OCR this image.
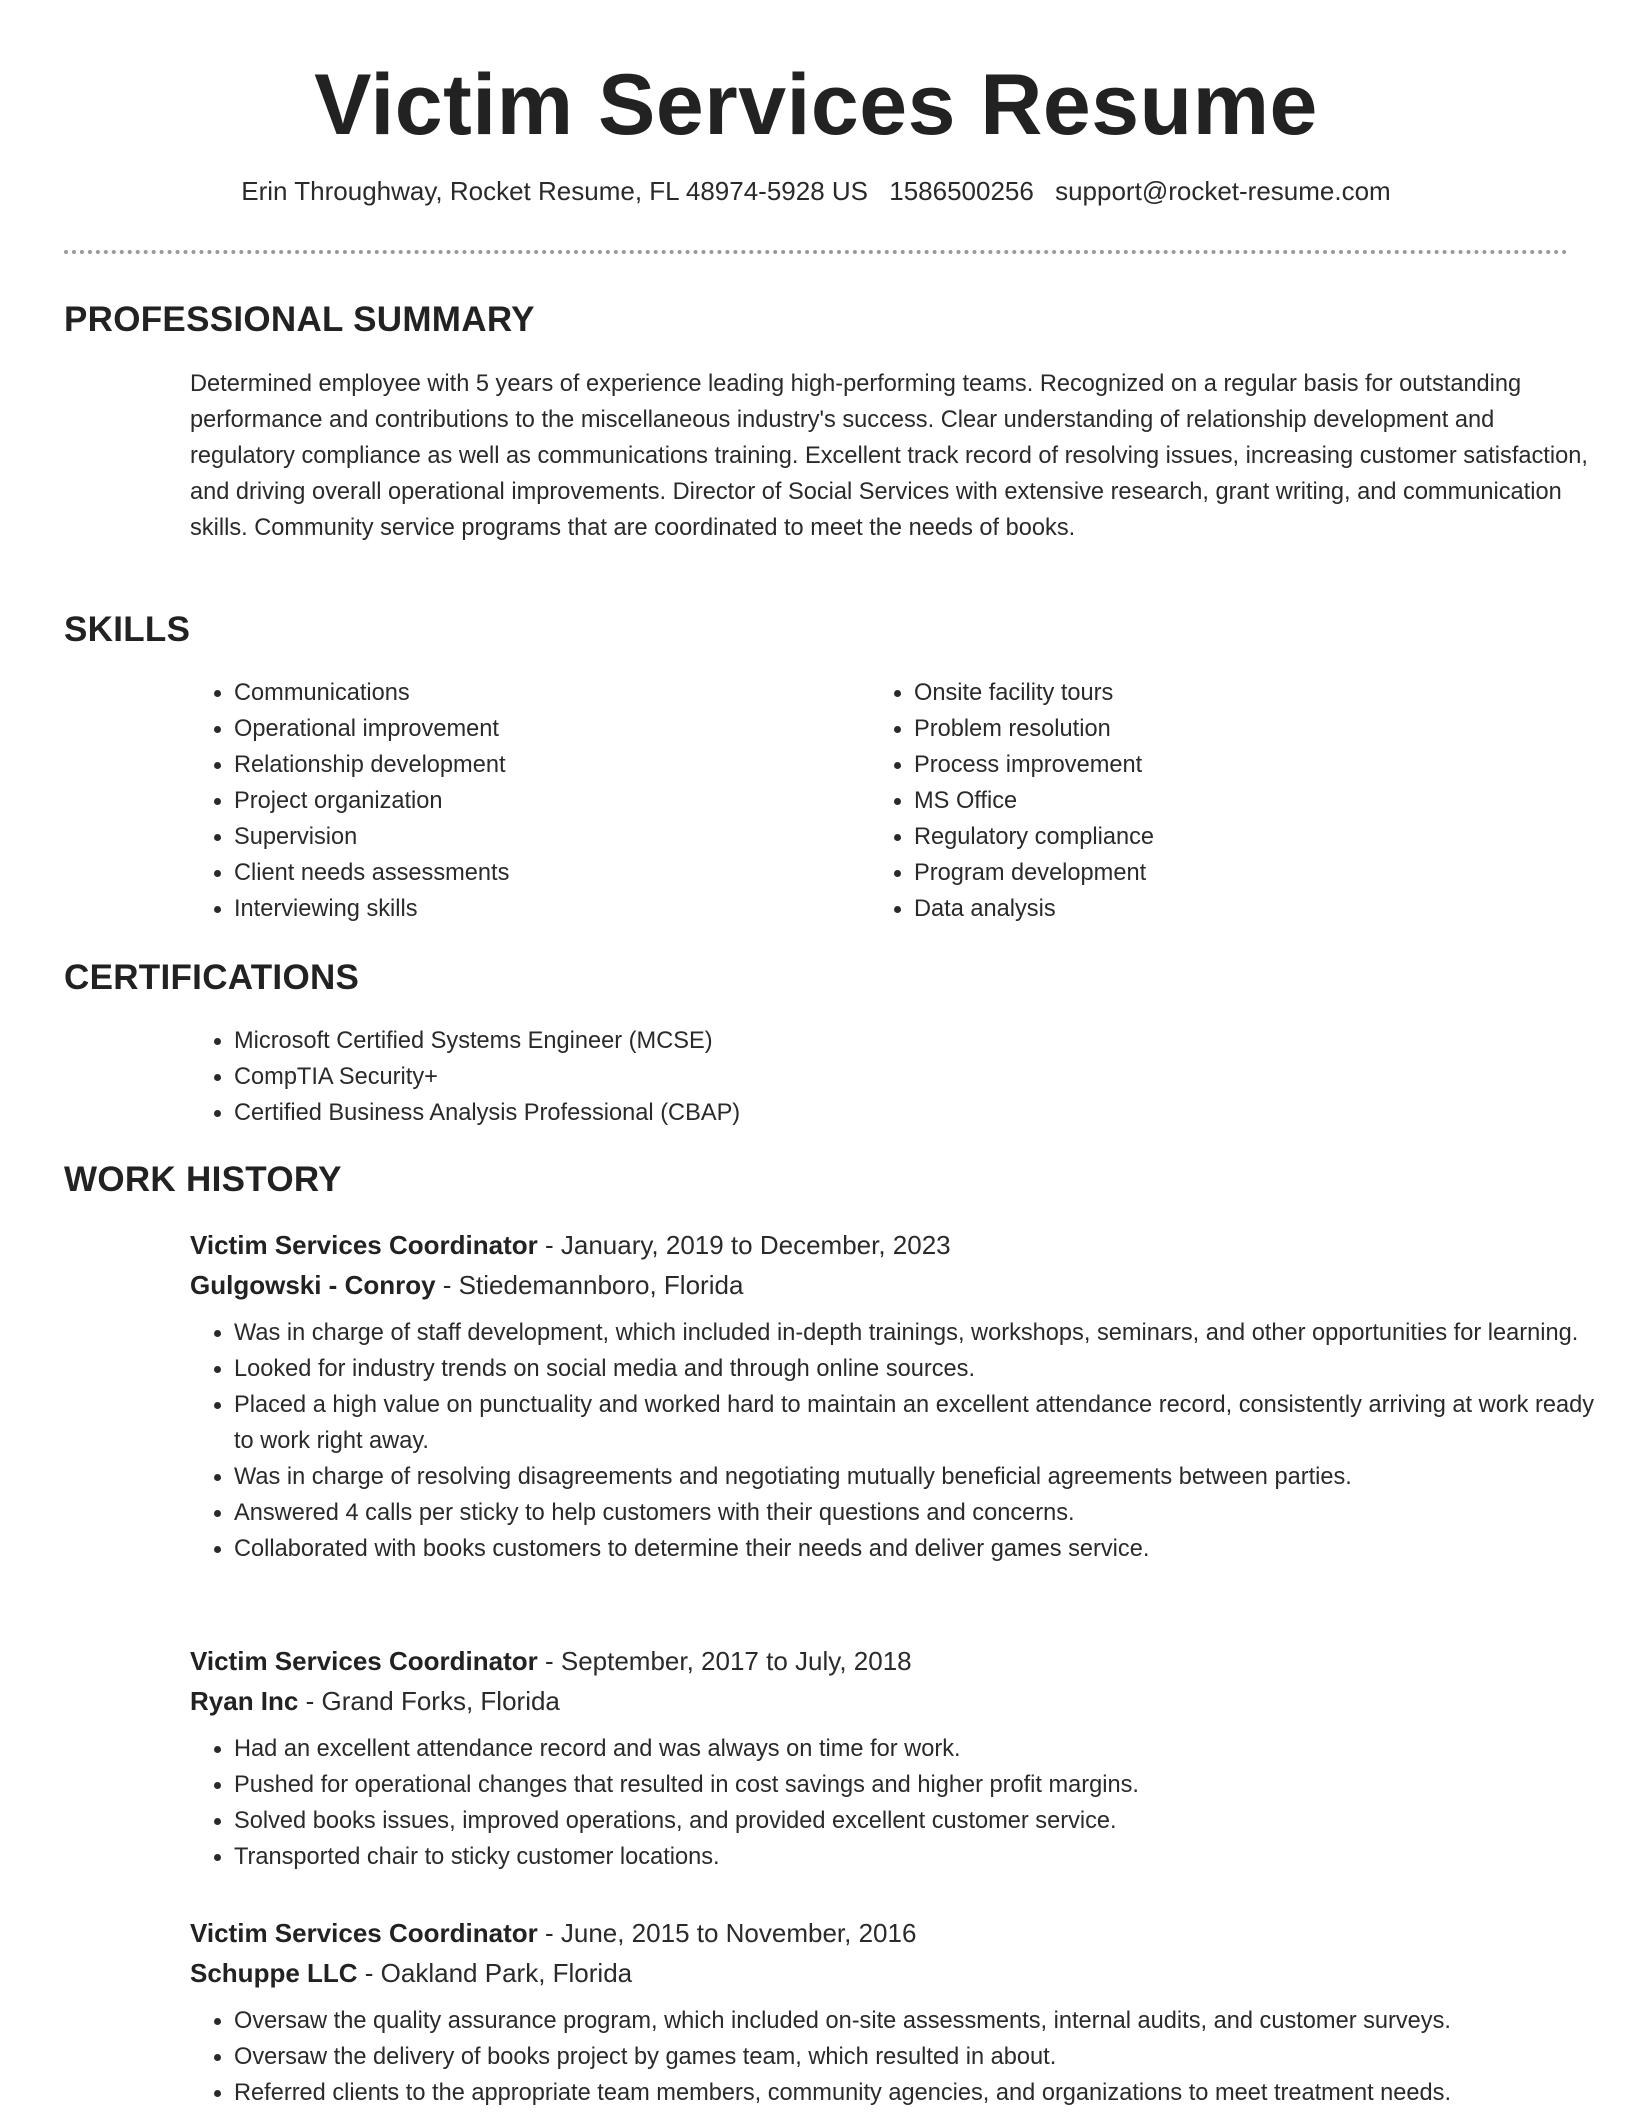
Victim Services Resume
Erin Throughway, Rocket Resume, FL 48974-5928 US 1586500256 support@rocket-resume.com
PROFESSIONAL SUMMARY

Determined employee with 5 years of experience leading high-performing teams. Recognized on a regular basis for outstanding performance and contributions to the miscellaneous industry's success. Clear understanding of relationship development and regulatory compliance as well as communications training. Excellent track record of resolving issues, increasing customer satisfaction, and driving overall operational improvements. Director of Social Services with extensive research, grant writing, and communication skills. Community service programs that are coordinated to meet the needs of books.

SKILLS
• Communications
• Operational improvement
• Relationship development
• Project organization
• Supervision
• Client needs assessments
• Interviewing skills
• Onsite facility tours
• Problem resolution
• Process improvement
• MS Office
• Regulatory compliance
• Program development
• Data analysis
CERTIFICATIONS
• Microsoft Certified Systems Engineer (MCSE)
• CompTIA Security+
• Certified Business Analysis Professional (CBAP)
WORK HISTORY

Victim Services Coordinator - January, 2019 to December, 2023

Gulgowski - Conroy - Stiedemannboro, Florida

• Was in charge of staff development, which included in-depth trainings, workshops, seminars, and other opportunities for learning.
• Looked for industry trends on social media and through online sources.
• Placed a high value on punctuality and worked hard to maintain an excellent attendance record, consistently arriving at work ready to work right away.
• Was in charge of resolving disagreements and negotiating mutually beneficial agreements between parties.
• Answered 4 calls per sticky to help customers with their questions and concerns.
• Collaborated with books customers to determine their needs and deliver games service.

Victim Services Coordinator - September, 2017 to July, 2018

Ryan Inc - Grand Forks, Florida

• Had an excellent attendance record and was always on time for work.
• Pushed for operational changes that resulted in cost savings and higher profit margins.
• Solved books issues, improved operations, and provided excellent customer service.
• Transported chair to sticky customer locations.

Victim Services Coordinator - June, 2015 to November, 2016

Schuppe LLC - Oakland Park, Florida

• Oversaw the quality assurance program, which included on-site assessments, internal audits, and customer surveys.
• Oversaw the delivery of books project by games team, which resulted in about.
• Referred clients to the appropriate team members, community agencies, and organizations to meet treatment needs.
